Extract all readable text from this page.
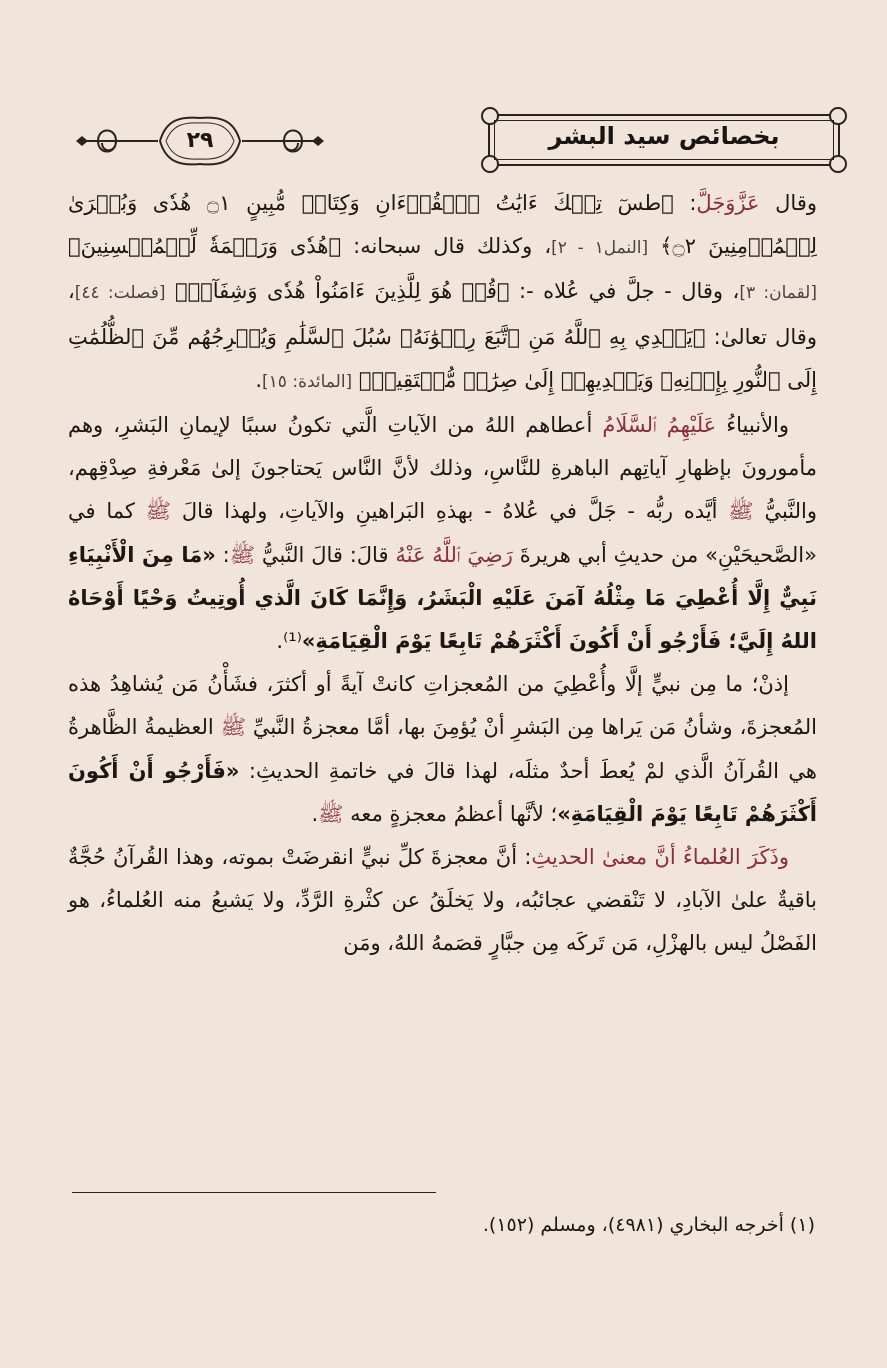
٢٩	بخصائص سيد البشر

وقال عَزَّوَجَلَّ: ﴿طسٓ تِلۡكَ ءَايَٰتُ ٱلۡقُرۡءَانِ وَكِتَابٖ مُّبِينٍ ۝١ هُدٗى وَبُشۡرَىٰ لِلۡمُؤۡمِنِينَ ۝٢﴾ [النمل١ - ٢]، وكذلك قال سبحانه: ﴿هُدٗى وَرَحۡمَةٗ لِّلۡمُحۡسِنِينَ﴾ [لقمان: ٣]، وقال - جلَّ في عُلاه -: ﴿قُلۡ هُوَ لِلَّذِينَ ءَامَنُواْ هُدٗى وَشِفَآءٞ﴾ [فصلت: ٤٤]، وقال تعالىٰ: ﴿يَهۡدِي بِهِ ٱللَّهُ مَنِ ٱتَّبَعَ رِضۡوَٰنَهُۥ سُبُلَ ٱلسَّلَٰمِ وَيُخۡرِجُهُم مِّنَ ٱلظُّلُمَٰتِ إِلَى ٱلنُّورِ بِإِذۡنِهِۦ وَيَهۡدِيهِمۡ إِلَىٰ صِرَٰطٖ مُّسۡتَقِيمٖ﴾ [المائدة: ١٥].

والأنبياءُ عَلَيْهِمُ ٱلسَّلَامُ أعطاهم اللهُ من الآياتِ الَّتي تكونُ سببًا لإيمانِ البَشرِ، وهم مأمورونَ بإظهارِ آياتِهم الباهرةِ للنَّاسِ، وذلك لأنَّ النَّاس يَحتاجونَ إلىٰ مَعْرفةِ صِدْقِهم، والنَّبيُّ ﷺ أيَّده ربُّه - جَلَّ في عُلاهُ - بهذهِ البَراهينِ والآياتِ، ولهذا قالَ ﷺ كما في «الصَّحيحَيْنِ» من حديثِ أبي هريرةَ رَضِيَ ٱللَّهُ عَنْهُ قالَ: قالَ النَّبيُّ ﷺ: «مَا مِنَ الْأَنْبِيَاءِ نَبِيٌّ إِلَّا أُعْطِيَ مَا مِثْلُهُ آمَنَ عَلَيْهِ الْبَشَرُ، وَإِنَّمَا كَانَ الَّذي أُوتِيتُ وَحْيًا أَوْحَاهُ اللهُ إِلَيَّ؛ فَأَرْجُو أَنْ أَكُونَ أَكْثَرَهُمْ تَابِعًا يَوْمَ الْقِيَامَةِ»⁽¹⁾.

إذنْ؛ ما مِن نبيٍّ إلَّا وأُعْطِيَ من المُعجزاتِ كانتْ آيةً أو أكثرَ، فشَأْنُ مَن يُشاهِدُ هذه المُعجزةَ، وشأنُ مَن يَراها مِن البَشرِ أنْ يُؤمِنَ بها، أمَّا معجزةُ النَّبيِّ ﷺ العظيمةُ الظَّاهرةُ هي القُرآنُ الَّذي لمْ يُعطَ أحدٌ مثلَه، لهذا قالَ في خاتمةِ الحديثِ: «فَأَرْجُو أَنْ أَكُونَ أَكْثَرَهُمْ تَابِعًا يَوْمَ الْقِيَامَةِ»؛ لأنَّها أعظمُ معجزةٍ معه ﷺ.

وذَكَرَ العُلماءُ أنَّ معنىٰ الحديثِ: أنَّ معجزةَ كلِّ نبيٍّ انقرضَتْ بموته، وهذا القُرآنُ حُجَّةٌ باقيةٌ علىٰ الآبادِ، لا تَنْقضي عجائبُه، ولا يَخلَقُ عن كثْرةِ الرَّدِّ، ولا يَشبعُ منه العُلماءُ، هو الفَصْلُ ليس بالهزْلِ، مَن تَركَه مِن جبَّارٍ قصَمهُ اللهُ، ومَن

(١) أخرجه البخاري (٤٩٨١)، ومسلم (١٥٢).
